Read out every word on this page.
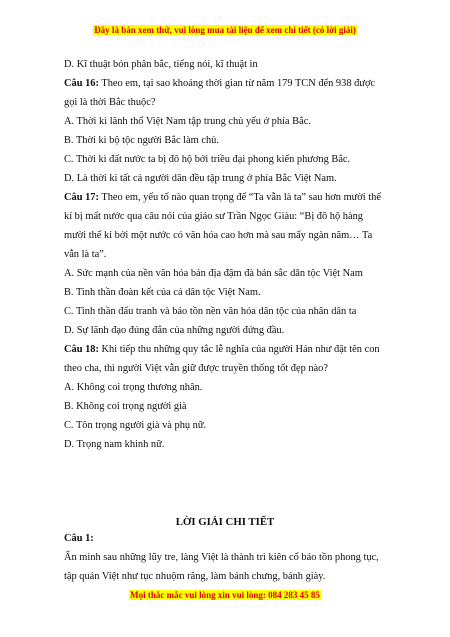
Đây là bản xem thử, vui lòng mua tài liệu để xem chi tiết (có lời giải)
D. Kĩ thuật bón phân bắc, tiếng nói, kĩ thuật in
Câu 16: Theo em, tại sao khoảng thời gian từ năm 179 TCN đến 938 được
gọi là thời Bắc thuộc?
A. Thời kì lãnh thổ Việt Nam tập trung chủ yếu ở phía Bắc.
B. Thời kì bộ tộc người Bắc làm chủ.
C. Thời kì đất nước ta bị đô hộ bởi triều đại phong kiến phương Bắc.
D. Là thời kì tất cả người dân đều tập trung ở phía Bắc Việt Nam.
Câu 17: Theo em, yếu tố nào quan trọng để “Ta vẫn là ta” sau hơn mười thế
kỉ bị mất nước qua câu nói của giáo sư Trần Ngọc Giàu: “Bị đô hộ hàng
mười thế kỉ bởi một nước có văn hóa cao hơn mà sau mấy ngàn năm… Ta
vẫn là ta”.
A. Sức mạnh của nền văn hóa bản địa đậm đà bản sắc dân tộc Việt Nam
B. Tinh thần đoàn kết của cả dân tộc Việt Nam.
C. Tinh thần đấu tranh và bảo tồn nền văn hóa dân tộc của nhân dân ta
D. Sự lãnh đạo đúng đắn của những người đứng đầu.
Câu 18: Khi tiếp thu những quy tắc lễ nghĩa của người Hán như đặt tên con
theo cha, thì người Việt vẫn giữ được truyền thống tốt đẹp nào?
A. Không coi trọng thương nhân.
B. Không coi trọng người già
C. Tôn trọng người già và phụ nữ.
D. Trọng nam khinh nữ.
LỜI GIẢI CHI TIẾT
Câu 1:
Ẩn mình sau những lũy tre, làng Việt là thành trì kiên cố bảo tồn phong tục,
tập quán Việt như tục nhuộm răng, làm bánh chưng, bánh giày.
Mọi thắc mắc vui lòng xin vui lòng: 084 283 45 85
